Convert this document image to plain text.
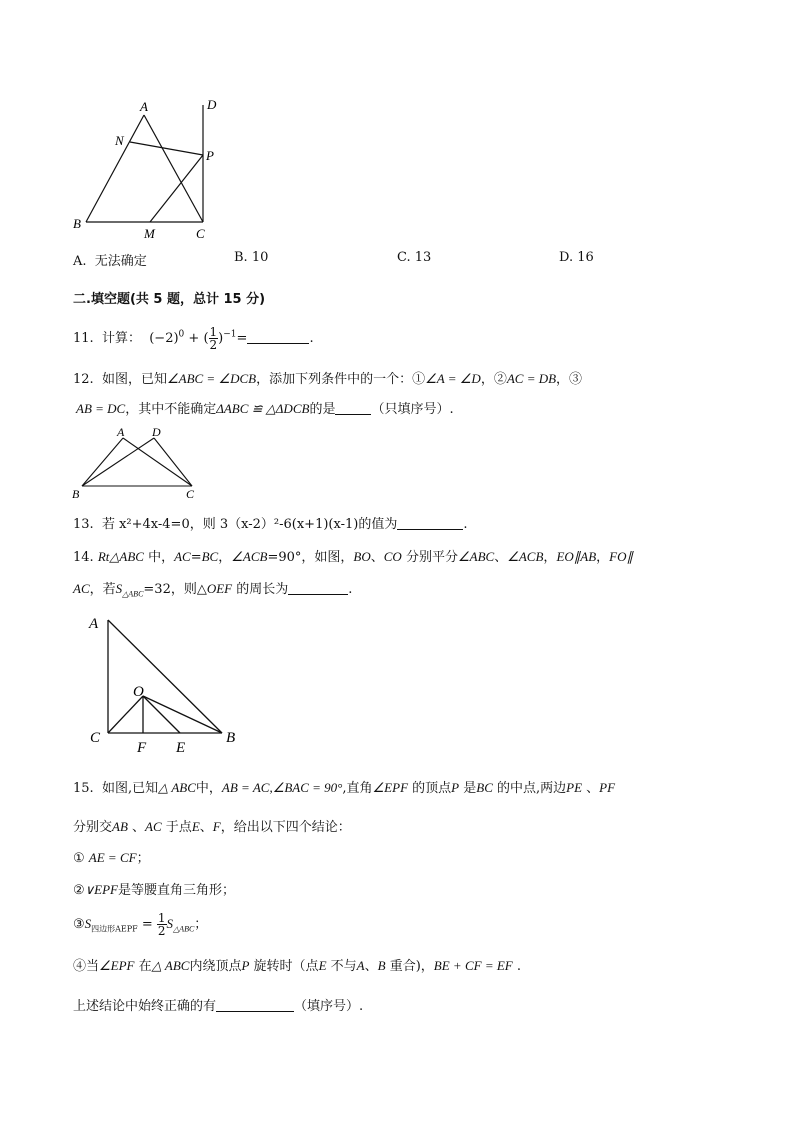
A	D
N
P
B
M	C
A. 无法确定	B. 10	C. 13	D. 16
二.填空题(共 5 题，总计 15 分)
11. 计算： $(-2)^0$ + ( $\frac{1}{2} )^{-1}=$	.
12. 如图，已知∠ABC = ∠DCB，添加下列条件中的一个：①∠A = ∠D，②AC = DB，③
AB = DC，其中不能确定ΔABC ≌ △ΔDCB的是	（只填序号）.
A D
B	C
13. 若 x²+4x-4=0，则 3（x-2）²-6(x+1)(x-1)的值为	.
14. Rt△ABC 中，AC=BC，∠ACB=90°，如图，BO、CO 分别平分∠ABC、∠ACB，EO∥AB，FO∥
AC，若$S_{\triangle ABC}=32$，则△OEF 的周长为	.
A
O
C
F E
B
15. 如图,已知△ ABC中，AB = AC,∠BAC = 90°,直角∠EPF 的顶点P 是BC 的中点,两边PE 、PF
分别交AB 、AC 于点E、F，给出以下四个结论：
① AE = CF；
②∨EPF是等腰直角三角形；
$③S_{四边形AEPF} = \frac{1}{2} S_{\triangle ABC}$；
④当∠EPF 在△ ABC内绕顶点P 旋转时（点E 不与A、B 重合)，BE + CF = EF .
上述结论中始终正确的有	（填序号）.
